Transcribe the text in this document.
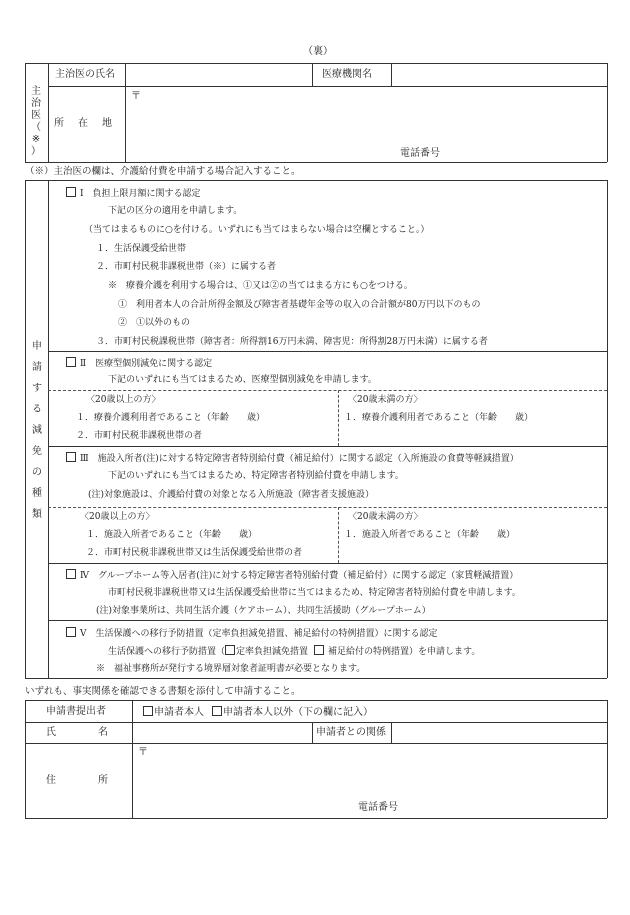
（裏）
主
治
医
（
※
）
主治医の氏名	医療機関名
所 在 地
〒
電話番号
（※）主治医の欄は、介護給付費を申請する場合記入すること。
申
請
す
る
減
免
の
種
類
Ⅰ　負担上限月額に関する認定
下記の区分の適用を申請します。
（当てはまるものに○を付ける。いずれにも当てはまらない場合は空欄とすること。）
１．生活保護受給世帯
２．市町村民税非課税世帯（※）に属する者
※　療養介護を利用する場合は、①又は②の当てはまる方にも○をつける。
①　利用者本人の合計所得金額及び障害者基礎年金等の収入の合計額が80万円以下のもの
②　①以外のもの
３．市町村民税課税世帯（障害者：所得割16万円未満、障害児：所得割28万円未満）に属する者
Ⅱ　医療型個別減免に関する認定
下記のいずれにも当てはまるため、医療型個別減免を申請します。
〈20歳以上の方〉
１．療養介護利用者であること（年齢　　歳）
２．市町村民税非課税世帯の者
〈20歳未満の方〉
１．療養介護利用者であること（年齢　　歳）
Ⅲ　施設入所者(注)に対する特定障害者特別給付費（補足給付）に関する認定（入所施設の食費等軽減措置）
下記のいずれにも当てはまるため、特定障害者特別給付費を申請します。
(注)対象施設は、介護給付費の対象となる入所施設（障害者支援施設）
〈20歳以上の方〉
１．施設入所者であること（年齢　　歳）
２．市町村民税非課税世帯又は生活保護受給世帯の者
〈20歳未満の方〉
１．施設入所者であること（年齢　　歳）
Ⅳ　グループホーム等入居者(注)に対する特定障害者特別給付費（補足給付）に関する認定（家賃軽減措置）
市町村民税非課税世帯又は生活保護受給世帯に当てはまるため、特定障害者特別給付費を申請します。
(注)対象事業所は、共同生活介護（ケアホーム）、共同生活援助（グループホーム）
Ⅴ　生活保護への移行予防措置（定率負担減免措置、補足給付の特例措置）に関する認定
生活保護への移行予防措置（ 定率負担減免措置 補足給付の特例措置）を申請します。
※　福祉事務所が発行する境界層対象者証明書が必要となります。
いずれも、事実関係を確認できる書類を添付して申請すること。
申請書提出者	申請者本人 申請者本人以外（下の欄に記入）
氏	名	申請者との関係
住	所
〒
電話番号
